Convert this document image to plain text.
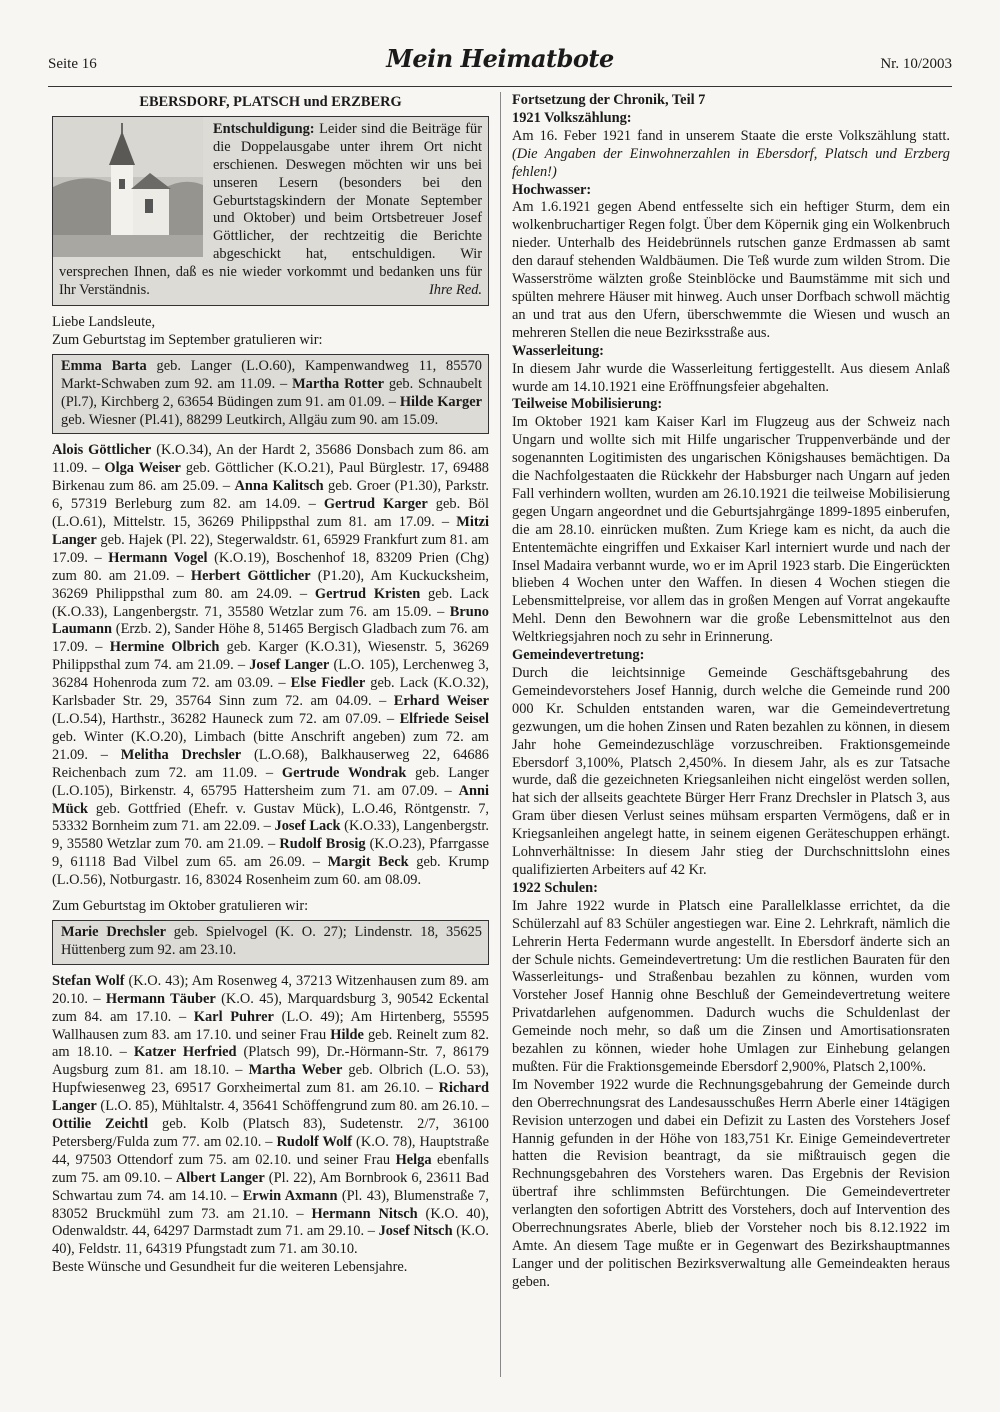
Seite 16	Mein Heimatbote	Nr. 10/2003
EBERSDORF, PLATSCH und ERZBERG

Entschuldigung: Leider sind die Beiträge für die Doppelausgabe unter ihrem Ort nicht erschienen. Deswegen möchten wir uns bei unseren Lesern (besonders bei den Geburtstagskindern der Monate September und Oktober) und beim Ortsbetreuer Josef Göttlicher, der rechtzeitig die Berichte abgeschickt hat, entschuldigen. Wir versprechen Ihnen, daß es nie wieder vorkommt und bedanken uns für Ihr Verständnis.	Ihre Red.

Liebe Landsleute,

Zum Geburtstag im September gratulieren wir:

Emma Barta geb. Langer (L.O.60), Kampenwandweg 11, 85570 Markt-Schwaben zum 92. am 11.09. – Martha Rotter geb. Schnaubelt (Pl.7), Kirchberg 2, 63654 Büdingen zum 91. am 01.09. – Hilde Karger geb. Wiesner (Pl.41), 88299 Leutkirch, Allgäu zum 90. am 15.09.

Alois Göttlicher (K.O.34), An der Hardt 2, 35686 Donsbach zum 86. am 11.09. – Olga Weiser geb. Göttlicher (K.O.21), Paul Bürglestr. 17, 69488 Birkenau zum 86. am 25.09. – Anna Kalitsch geb. Groer (P1.30), Parkstr. 6, 57319 Berleburg zum 82. am 14.09. – Gertrud Karger geb. Böl (L.O.61), Mittelstr. 15, 36269 Philippsthal zum 81. am 17.09. – Mitzi Langer geb. Hajek (Pl. 22), Stegerwaldstr. 61, 65929 Frankfurt zum 81. am 17.09. – Hermann Vogel (K.O.19), Boschenhof 18, 83209 Prien (Chg) zum 80. am 21.09. – Herbert Göttlicher (P1.20), Am Kuckucksheim, 36269 Philippsthal zum 80. am 24.09. – Gertrud Kristen geb. Lack (K.O.33), Langenbergstr. 71, 35580 Wetzlar zum 76. am 15.09. – Bruno Laumann (Erzb. 2), Sander Höhe 8, 51465 Bergisch Gladbach zum 76. am 17.09. – Hermine Olbrich geb. Karger (K.O.31), Wiesenstr. 5, 36269 Philippsthal zum 74. am 21.09. – Josef Langer (L.O. 105), Lerchenweg 3, 36284 Hohenroda zum 72. am 03.09. – Else Fiedler geb. Lack (K.O.32), Karlsbader Str. 29, 35764 Sinn zum 72. am 04.09. – Erhard Weiser (L.O.54), Harthstr., 36282 Hauneck zum 72. am 07.09. – Elfriede Seisel geb. Winter (K.O.20), Limbach (bitte Anschrift angeben) zum 72. am 21.09. – Melitha Drechsler (L.O.68), Balkhauserweg 22, 64686 Reichenbach zum 72. am 11.09. – Gertrude Wondrak geb. Langer (L.O.105), Birkenstr. 4, 65795 Hattersheim zum 71. am 07.09. – Anni Mück geb. Gottfried (Ehefr. v. Gustav Mück), L.O.46, Röntgenstr. 7, 53332 Bornheim zum 71. am 22.09. – Josef Lack (K.O.33), Langenbergstr. 9, 35580 Wetzlar zum 70. am 21.09. – Rudolf Brosig (K.O.23), Pfarrgasse 9, 61118 Bad Vilbel zum 65. am 26.09. – Margit Beck geb. Krump (L.O.56), Notburgastr. 16, 83024 Rosenheim zum 60. am 08.09.

Zum Geburtstag im Oktober gratulieren wir:

Marie Drechsler geb. Spielvogel (K. O. 27); Lindenstr. 18, 35625 Hüttenberg zum 92. am 23.10.

Stefan Wolf (K.O. 43); Am Rosenweg 4, 37213 Witzenhausen zum 89. am 20.10. – Hermann Täuber (K.O. 45), Marquardsburg 3, 90542 Eckental zum 84. am 17.10. – Karl Puhrer (L.O. 49); Am Hirtenberg, 55595 Wallhausen zum 83. am 17.10. und seiner Frau Hilde geb. Reinelt zum 82. am 18.10. – Katzer Herfried (Platsch 99), Dr.-Hörmann-Str. 7, 86179 Augsburg zum 81. am 18.10. – Martha Weber geb. Olbrich (L.O. 53), Hupfwiesenweg 23, 69517 Gorxheimertal zum 81. am 26.10. – Richard Langer (L.O. 85), Mühltalstr. 4, 35641 Schöffengrund zum 80. am 26.10. – Ottilie Zeichtl geb. Kolb (Platsch 83), Sudetenstr. 2/7, 36100 Petersberg/Fulda zum 77. am 02.10. – Rudolf Wolf (K.O. 78), Hauptstraße 44, 97503 Ottendorf zum 75. am 02.10. und seiner Frau Helga ebenfalls zum 75. am 09.10. – Albert Langer (Pl. 22), Am Bornbrook 6, 23611 Bad Schwartau zum 74. am 14.10. – Erwin Axmann (Pl. 43), Blumenstraße 7, 83052 Bruckmühl zum 73. am 21.10. – Hermann Nitsch (K.O. 40), Odenwaldstr. 44, 64297 Darmstadt zum 71. am 29.10. – Josef Nitsch (K.O. 40), Feldstr. 11, 64319 Pfungstadt zum 71. am 30.10.

Beste Wünsche und Gesundheit fur die weiteren Lebensjahre.

Fortsetzung der Chronik, Teil 7

1921 Volkszählung:

Am 16. Feber 1921 fand in unserem Staate die erste Volkszählung statt. (Die Angaben der Einwohnerzahlen in Ebersdorf, Platsch und Erzberg fehlen!)

Hochwasser:

Am 1.6.1921 gegen Abend entfesselte sich ein heftiger Sturm, dem ein wolkenbruchartiger Regen folgt. Über dem Köpernik ging ein Wolkenbruch nieder. Unterhalb des Heidebrünnels rutschen ganze Erdmassen ab samt den darauf stehenden Waldbäumen. Die Teß wurde zum wilden Strom. Die Wasserströme wälzten große Steinblöcke und Baumstämme mit sich und spülten mehrere Häuser mit hinweg. Auch unser Dorfbach schwoll mächtig an und trat aus den Ufern, überschwemmte die Wiesen und wusch an mehreren Stellen die neue Bezirksstraße aus.

Wasserleitung:

In diesem Jahr wurde die Wasserleitung fertiggestellt. Aus diesem Anlaß wurde am 14.10.1921 eine Eröffnungsfeier abgehalten.

Teilweise Mobilisierung:

Im Oktober 1921 kam Kaiser Karl im Flugzeug aus der Schweiz nach Ungarn und wollte sich mit Hilfe ungarischer Truppenverbände und der sogenannten Logitimisten des ungarischen Königshauses bemächtigen. Da die Nachfolgestaaten die Rückkehr der Habsburger nach Ungarn auf jeden Fall verhindern wollten, wurden am 26.10.1921 die teilweise Mobilisierung gegen Ungarn angeordnet und die Geburtsjahrgänge 1899-1895 einberufen, die am 28.10. einrücken mußten. Zum Kriege kam es nicht, da auch die Ententemächte eingriffen und Exkaiser Karl interniert wurde und nach der Insel Madaira verbannt wurde, wo er im April 1923 starb. Die Eingerückten blieben 4 Wochen unter den Waffen. In diesen 4 Wochen stiegen die Lebensmittelpreise, vor allem das in großen Mengen auf Vorrat angekaufte Mehl. Denn den Bewohnern war die große Lebensmittelnot aus den Weltkriegsjahren noch zu sehr in Erinnerung.

Gemeindevertretung:

Durch die leichtsinnige Gemeinde Geschäftsgebahrung des Gemeindevorstehers Josef Hannig, durch welche die Gemeinde rund 200 000 Kr. Schulden entstanden waren, war die Gemeindevertretung gezwungen, um die hohen Zinsen und Raten bezahlen zu können, in diesem Jahr hohe Gemeindezuschläge vorzuschreiben. Fraktionsgemeinde Ebersdorf 3,100%, Platsch 2,450%. In diesem Jahr, als es zur Tatsache wurde, daß die gezeichneten Kriegsanleihen nicht eingelöst werden sollen, hat sich der allseits geachtete Bürger Herr Franz Drechsler in Platsch 3, aus Gram über diesen Verlust seines mühsam ersparten Vermögens, daß er in Kriegsanleihen angelegt hatte, in seinem eigenen Geräteschuppen erhängt. Lohnverhältnisse: In diesem Jahr stieg der Durchschnittslohn eines qualifizierten Arbeiters auf 42 Kr.

1922 Schulen:

Im Jahre 1922 wurde in Platsch eine Parallelklasse errichtet, da die Schülerzahl auf 83 Schüler angestiegen war. Eine 2. Lehrkraft, nämlich die Lehrerin Herta Federmann wurde angestellt. In Ebersdorf änderte sich an der Schule nichts. Gemeindevertretung: Um die restlichen Bauraten für den Wasserleitungs- und Straßenbau bezahlen zu können, wurden vom Vorsteher Josef Hannig ohne Beschluß der Gemeindevertretung weitere Privatdarlehen aufgenommen. Dadurch wuchs die Schuldenlast der Gemeinde noch mehr, so daß um die Zinsen und Amortisationsraten bezahlen zu können, wieder hohe Umlagen zur Einhebung gelangen mußten. Für die Fraktionsgemeinde Ebersdorf 2,900%, Platsch 2,100%.

Im November 1922 wurde die Rechnungsgebahrung der Gemeinde durch den Oberrechnungsrat des Landesausschußes Herrn Aberle einer 14tägigen Revision unterzogen und dabei ein Defizit zu Lasten des Vorstehers Josef Hannig gefunden in der Höhe von 183,751 Kr. Einige Gemeindevertreter hatten die Revision beantragt, da sie mißtrauisch gegen die Rechnungsgebahren des Vorstehers waren. Das Ergebnis der Revision übertraf ihre schlimmsten Befürchtungen. Die Gemeindevertreter verlangten den sofortigen Abtritt des Vorstehers, doch auf Intervention des Oberrechnungsrates Aberle, blieb der Vorsteher noch bis 8.12.1922 im Amte. An diesem Tage mußte er in Gegenwart des Bezirkshauptmannes Langer und der politischen Bezirksverwaltung alle Gemeindeakten heraus geben.
